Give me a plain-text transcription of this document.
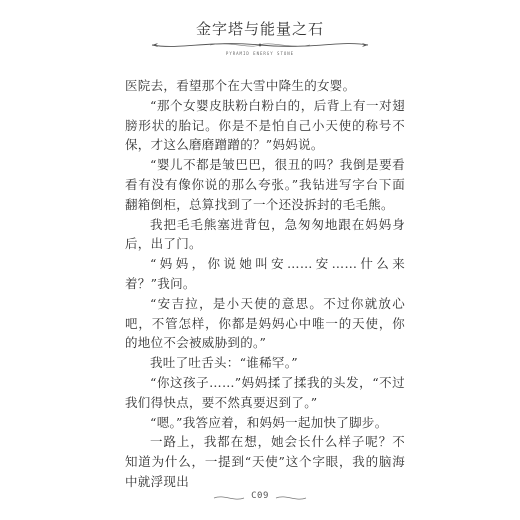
金字塔与能量之石
PYRAMID ENERGY STONE

医院去，看望那个在大雪中降生的女婴。

“那个女婴皮肤粉白粉白的，后背上有一对翅膀形状的胎记。你是不是怕自己小天使的称号不保，才这么磨磨蹭蹭的？”妈妈说。

“婴儿不都是皱巴巴，很丑的吗？我倒是要看看有没有像你说的那么夸张。”我钻进写字台下面翻箱倒柜，总算找到了一个还没拆封的毛毛熊。

我把毛毛熊塞进背包，急匆匆地跟在妈妈身后，出了门。

“妈妈，你说她叫安……安……什么来着？”我问。

“安吉拉，是小天使的意思。不过你就放心吧，不管怎样，你都是妈妈心中唯一的天使，你的地位不会被威胁到的。”

我吐了吐舌头：“谁稀罕。”

“你这孩子……”妈妈揉了揉我的头发，“不过我们得快点，要不然真要迟到了。”

“嗯。”我答应着，和妈妈一起加快了脚步。

一路上，我都在想，她会长什么样子呢？不知道为什么，一提到“天使”这个字眼，我的脑海中就浮现出

C09
